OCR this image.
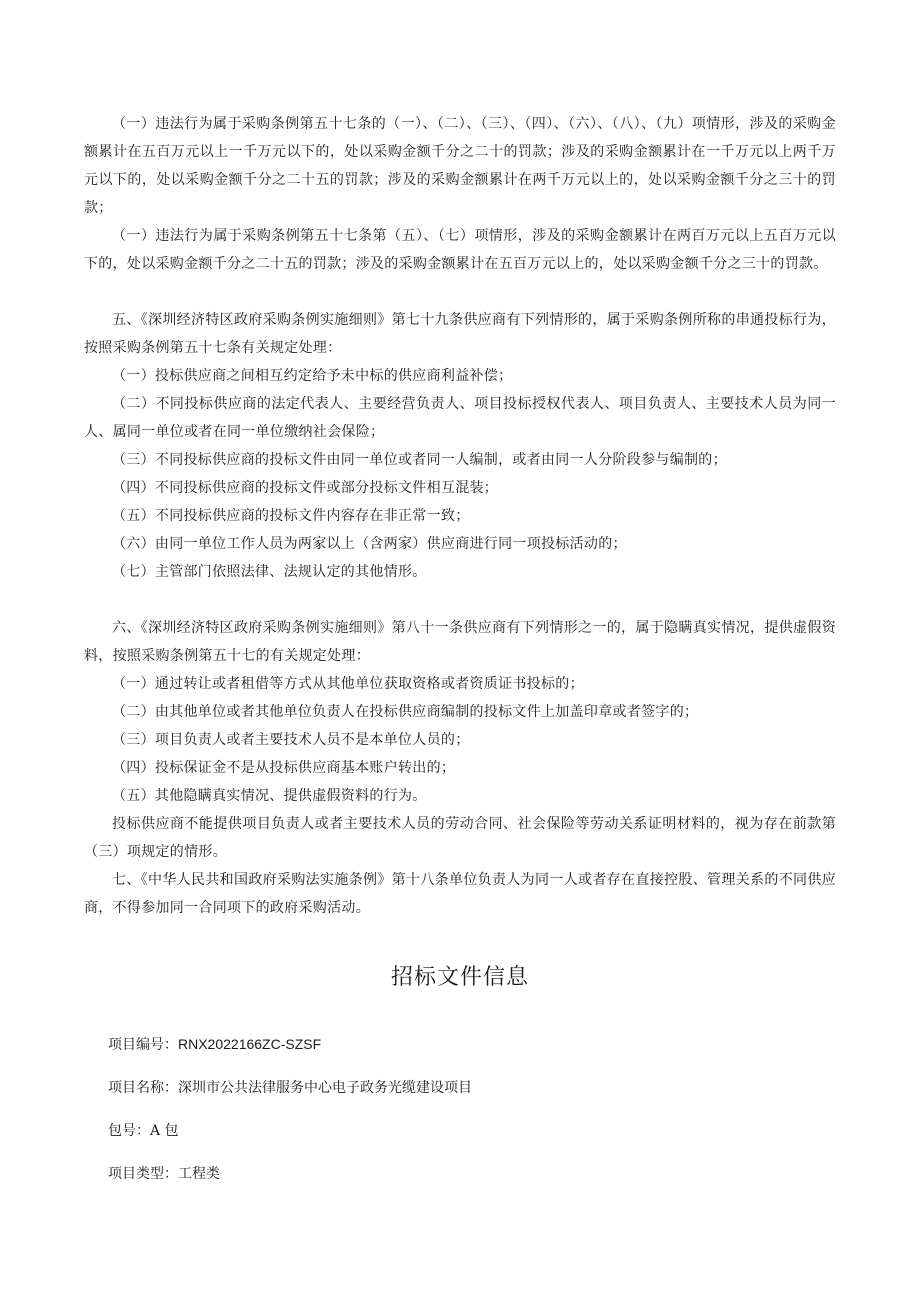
（一）违法行为属于采购条例第五十七条的（一）、（二）、（三）、（四）、（六）、（八）、（九）项情形，涉及的采购金额累计在五百万元以上一千万元以下的，处以采购金额千分之二十的罚款；涉及的采购金额累计在一千万元以上两千万元以下的，处以采购金额千分之二十五的罚款；涉及的采购金额累计在两千万元以上的，处以采购金额千分之三十的罚款；

（一）违法行为属于采购条例第五十七条第（五）、（七）项情形，涉及的采购金额累计在两百万元以上五百万元以下的，处以采购金额千分之二十五的罚款；涉及的采购金额累计在五百万元以上的，处以采购金额千分之三十的罚款。

五、《深圳经济特区政府采购条例实施细则》第七十九条供应商有下列情形的，属于采购条例所称的串通投标行为，按照采购条例第五十七条有关规定处理：

（一）投标供应商之间相互约定给予未中标的供应商利益补偿；

（二）不同投标供应商的法定代表人、主要经营负责人、项目投标授权代表人、项目负责人、主要技术人员为同一人、属同一单位或者在同一单位缴纳社会保险；

（三）不同投标供应商的投标文件由同一单位或者同一人编制，或者由同一人分阶段参与编制的；

（四）不同投标供应商的投标文件或部分投标文件相互混装；

（五）不同投标供应商的投标文件内容存在非正常一致；

（六）由同一单位工作人员为两家以上（含两家）供应商进行同一项投标活动的；

（七）主管部门依照法律、法规认定的其他情形。

六、《深圳经济特区政府采购条例实施细则》第八十一条供应商有下列情形之一的，属于隐瞒真实情况，提供虚假资料，按照采购条例第五十七的有关规定处理：

（一）通过转让或者租借等方式从其他单位获取资格或者资质证书投标的；

（二）由其他单位或者其他单位负责人在投标供应商编制的投标文件上加盖印章或者签字的；

（三）项目负责人或者主要技术人员不是本单位人员的；

（四）投标保证金不是从投标供应商基本账户转出的；

（五）其他隐瞒真实情况、提供虚假资料的行为。

投标供应商不能提供项目负责人或者主要技术人员的劳动合同、社会保险等劳动关系证明材料的，视为存在前款第（三）项规定的情形。

七、《中华人民共和国政府采购法实施条例》第十八条单位负责人为同一人或者存在直接控股、管理关系的不同供应商，不得参加同一合同项下的政府采购活动。

招标文件信息

项目编号：RNX2022166ZC-SZSF

项目名称：深圳市公共法律服务中心电子政务光缆建设项目

包号：A 包

项目类型：工程类
